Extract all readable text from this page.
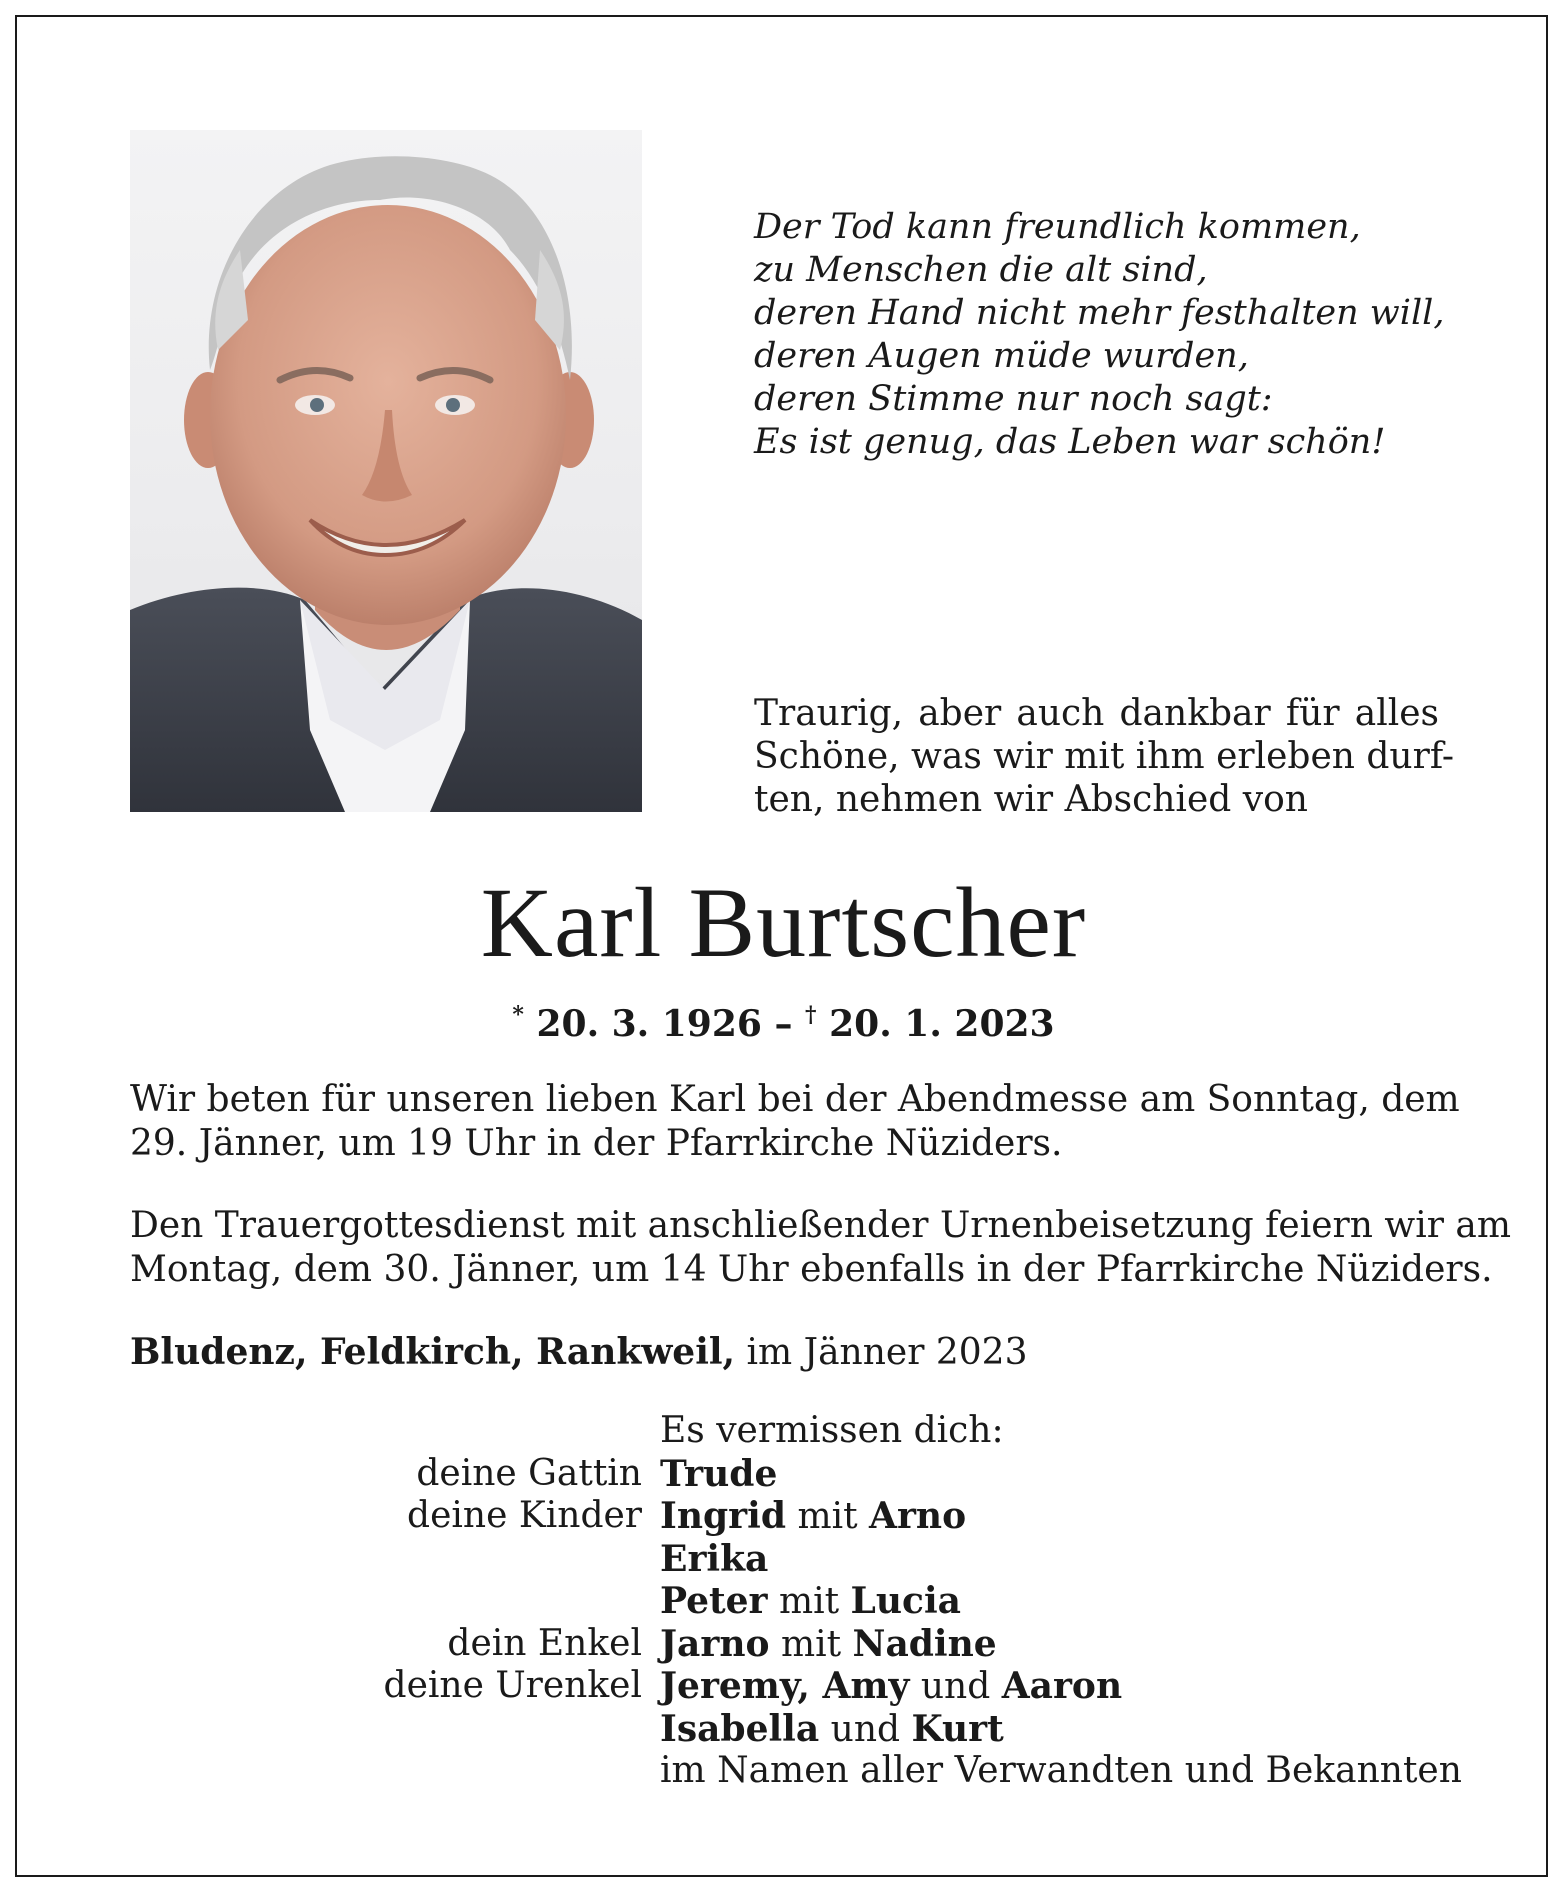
Der Tod kann freundlich kommen,
zu Menschen die alt sind,
deren Hand nicht mehr festhalten will,
deren Augen müde wurden,
deren Stimme nur noch sagt:
Es ist genug, das Leben war schön!
Traurig, aber auch dankbar für alles
Schöne, was wir mit ihm erleben durf-
ten, nehmen wir Abschied von
Karl Burtscher
* 20. 3. 1926 – † 20. 1. 2023
Wir beten für unseren lieben Karl bei der Abendmesse am Sonntag, dem
29. Jänner, um 19 Uhr in der Pfarrkirche Nüziders.
Den Trauergottesdienst mit anschließender Urnenbeisetzung feiern wir am
Montag, dem 30. Jänner, um 14 Uhr ebenfalls in der Pfarrkirche Nüziders.
Bludenz, Feldkirch, Rankweil, im Jänner 2023
Es vermissen dich:
deine Gattin Trude
deine Kinder Ingrid mit Arno
Erika
Peter mit Lucia
dein Enkel Jarno mit Nadine
deine Urenkel Jeremy, Amy und Aaron
Isabella und Kurt
im Namen aller Verwandten und Bekannten
